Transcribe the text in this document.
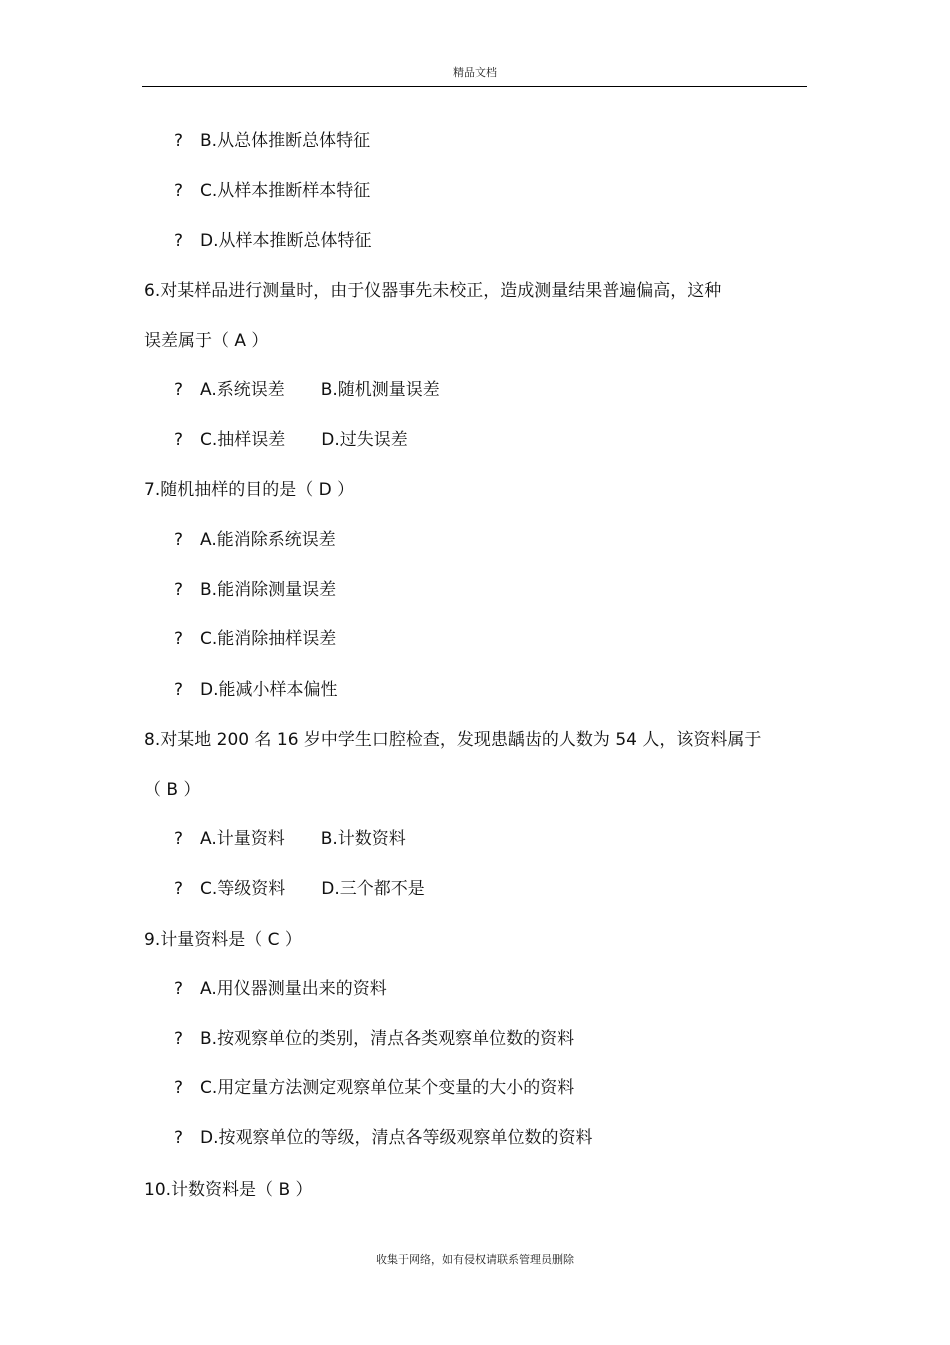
精品文档
? B.从总体推断总体特征
? C.从样本推断样本特征
? D.从样本推断总体特征
6.对某样品进行测量时，由于仪器事先未校正，造成测量结果普遍偏高，这种
误差属于（ A ）
? A.系统误差 B.随机测量误差
? C.抽样误差 D.过失误差
7.随机抽样的目的是（ D ）
? A.能消除系统误差
? B.能消除测量误差
? C.能消除抽样误差
? D.能减小样本偏性
8.对某地 200 名 16 岁中学生口腔检查，发现患龋齿的人数为 54 人，该资料属于
（ B ）
? A.计量资料 B.计数资料
? C.等级资料 D.三个都不是
9.计量资料是（ C ）
? A.用仪器测量出来的资料
? B.按观察单位的类别，清点各类观察单位数的资料
? C.用定量方法测定观察单位某个变量的大小的资料
? D.按观察单位的等级，清点各等级观察单位数的资料
10.计数资料是（ B ）
收集于网络，如有侵权请联系管理员删除
